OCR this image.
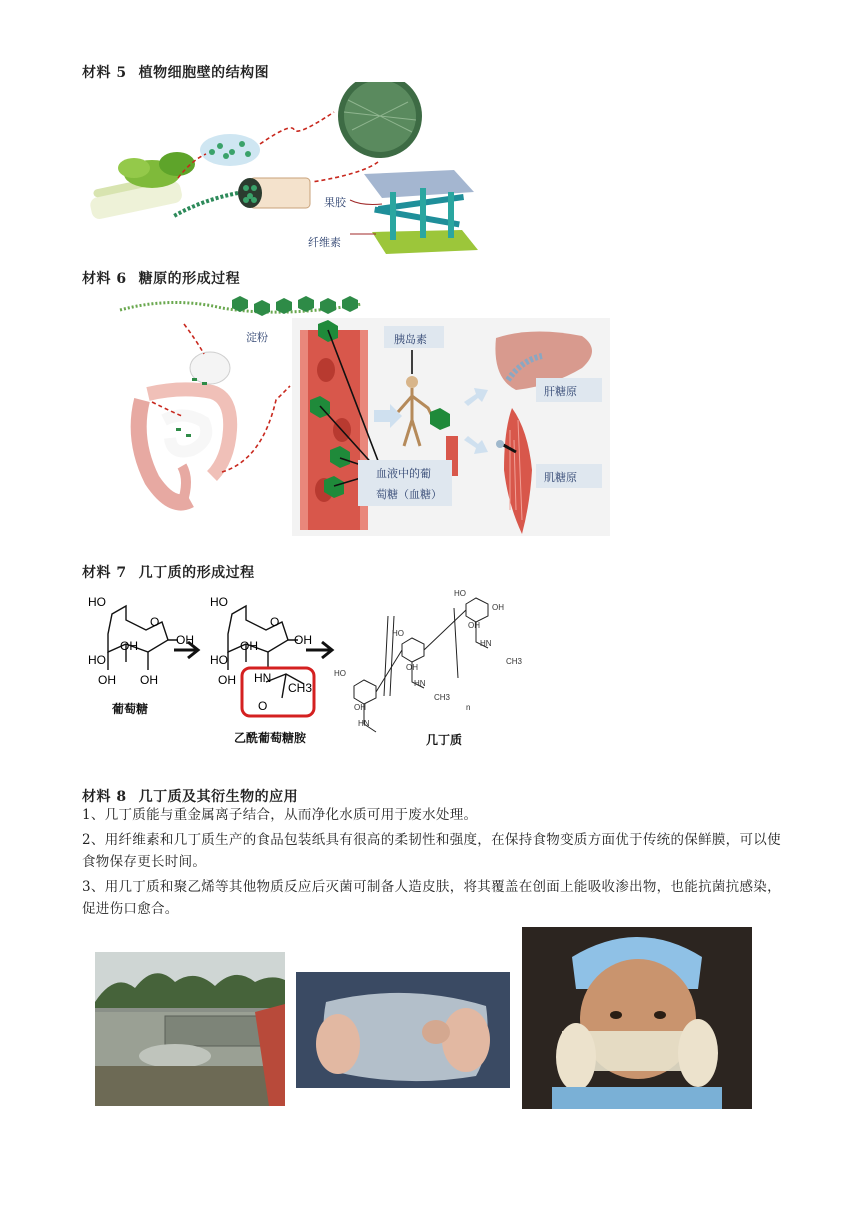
材料 5 植物细胞壁的结构图
果胶
纤维素
材料 6 糖原的形成过程
淀粉	胰岛素
血液中的葡
萄糖（血糖）
肝糖原
肌糖原
材料 7 几丁质的形成过程
HO
O
OH
OH
HO
OH OH
HO
O
OH
OH
HO
OH HN
CH3
O
HO
OH
HN
HO
OH
HN
CH3
HO
OH
OH
HN
CH3
n
葡萄糖
乙酰葡萄糖胺	几丁质
材料 8 几丁质及其衍生物的应用
1、几丁质能与重金属离子结合，从而净化水质可用于废水处理。
2、用纤维素和几丁质生产的食品包装纸具有很高的柔韧性和强度，在保持食物变质方面优于传统的保鲜膜，可以使食物保存更长时间。
3、用几丁质和聚乙烯等其他物质反应后灭菌可制备人造皮肤，将其覆盖在创面上能吸收渗出物，也能抗菌抗感染，促进伤口愈合。
